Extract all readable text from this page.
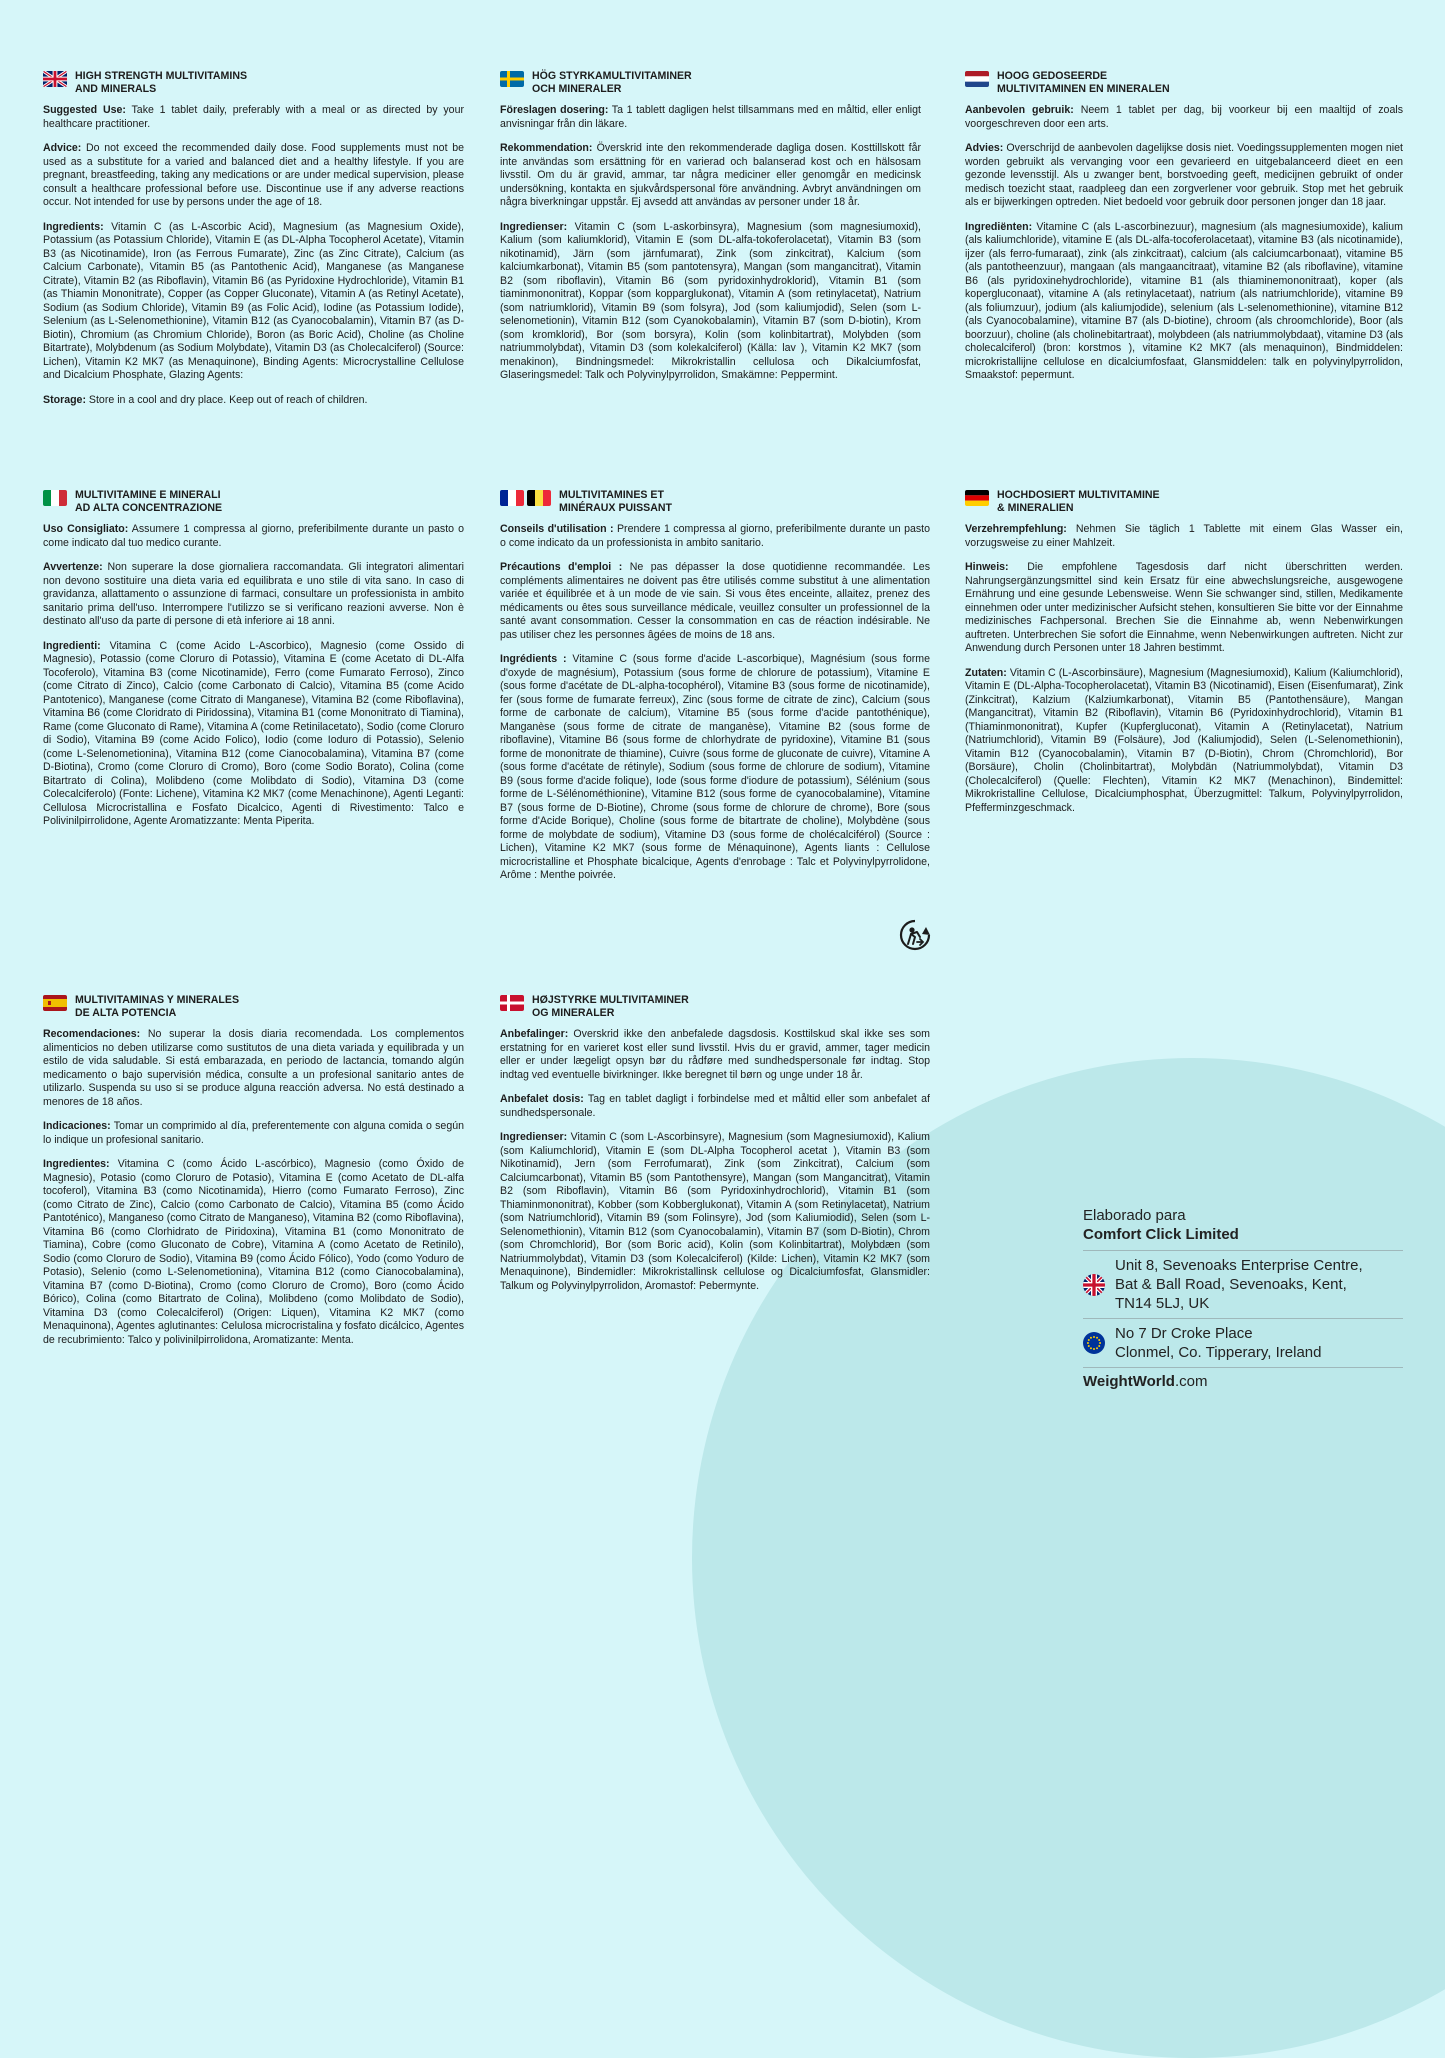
HIGH STRENGTH MULTIVITAMINS
AND MINERALS

Suggested Use: Take 1 tablet daily, preferably with a meal or as directed by your healthcare practitioner.

Advice: Do not exceed the recommended daily dose. Food supplements must not be used as a substitute for a varied and balanced diet and a healthy lifestyle. If you are pregnant, breastfeeding, taking any medications or are under medical supervision, please consult a healthcare professional before use. Discontinue use if any adverse reactions occur. Not intended for use by persons under the age of 18.

Ingredients: Vitamin C (as L-Ascorbic Acid), Magnesium (as Magnesium Oxide), Potassium (as Potassium Chloride), Vitamin E (as DL-Alpha Tocopherol Acetate), Vitamin B3 (as Nicotinamide), Iron (as Ferrous Fumarate), Zinc (as Zinc Citrate), Calcium (as Calcium Carbonate), Vitamin B5 (as Pantothenic Acid), Manganese (as Manganese Citrate), Vitamin B2 (as Riboflavin), Vitamin B6 (as Pyridoxine Hydrochloride), Vitamin B1 (as Thiamin Mononitrate), Copper (as Copper Gluconate), Vitamin A (as Retinyl Acetate), Sodium (as Sodium Chloride), Vitamin B9 (as Folic Acid), Iodine (as Potassium Iodide), Selenium (as L-Selenomethionine), Vitamin B12 (as Cyanocobalamin), Vitamin B7 (as D-Biotin), Chromium (as Chromium Chloride), Boron (as Boric Acid), Choline (as Choline Bitartrate), Molybdenum (as Sodium Molybdate), Vitamin D3 (as Cholecalciferol) (Source: Lichen), Vitamin K2 MK7 (as Menaquinone), Binding Agents: Microcrystalline Cellulose and Dicalcium Phosphate, Glazing Agents:

Storage: Store in a cool and dry place. Keep out of reach of children.

HÖG STYRKAMULTIVITAMINER
OCH MINERALER

Föreslagen dosering: Ta 1 tablett dagligen helst tillsammans med en måltid, eller enligt anvisningar från din läkare.

Rekommendation: Överskrid inte den rekommenderade dagliga dosen. Kosttillskott får inte användas som ersättning för en varierad och balanserad kost och en hälsosam livsstil. Om du är gravid, ammar, tar några mediciner eller genomgår en medicinsk undersökning, kontakta en sjukvårdspersonal före användning. Avbryt användningen om några biverkningar uppstår. Ej avsedd att användas av personer under 18 år.

Ingredienser: Vitamin C (som L-askorbinsyra), Magnesium (som magnesiumoxid), Kalium (som kaliumklorid), Vitamin E (som DL-alfa-tokoferolacetat), Vitamin B3 (som nikotinamid), Järn (som järnfumarat), Zink (som zinkcitrat), Kalcium (som kalciumkarbonat), Vitamin B5 (som pantotensyra), Mangan (som mangancitrat), Vitamin B2 (som riboflavin), Vitamin B6 (som pyridoxinhydroklorid), Vitamin B1 (som tiaminmononitrat), Koppar (som kopparglukonat), Vitamin A (som retinylacetat), Natrium (som natriumklorid), Vitamin B9 (som folsyra), Jod (som kaliumjodid), Selen (som L-selenometionin), Vitamin B12 (som Cyanokobalamin), Vitamin B7 (som D-biotin), Krom (som kromklorid), Bor (som borsyra), Kolin (som kolinbitartrat), Molybden (som natriummolybdat), Vitamin D3 (som kolekalciferol) (Källa: lav ), Vitamin K2 MK7 (som menakinon), Bindningsmedel: Mikrokristallin cellulosa och Dikalciumfosfat, Glaseringsmedel: Talk och Polyvinylpyrrolidon, Smakämne: Peppermint.

HOOG GEDOSEERDE
MULTIVITAMINEN EN MINERALEN

Aanbevolen gebruik: Neem 1 tablet per dag, bij voorkeur bij een maaltijd of zoals voorgeschreven door een arts.

Advies: Overschrijd de aanbevolen dagelijkse dosis niet. Voedingssupplementen mogen niet worden gebruikt als vervanging voor een gevarieerd en uitgebalanceerd dieet en een gezonde levensstijl. Als u zwanger bent, borstvoeding geeft, medicijnen gebruikt of onder medisch toezicht staat, raadpleeg dan een zorgverlener voor gebruik. Stop met het gebruik als er bijwerkingen optreden. Niet bedoeld voor gebruik door personen jonger dan 18 jaar.

Ingrediënten: Vitamine C (als L-ascorbinezuur), magnesium (als magnesiumoxide), kalium (als kaliumchloride), vitamine E (als DL-alfa-tocoferolacetaat), vitamine B3 (als nicotinamide), ijzer (als ferro-fumaraat), zink (als zinkcitraat), calcium (als calciumcarbonaat), vitamine B5 (als pantotheenzuur), mangaan (als mangaancitraat), vitamine B2 (als riboflavine), vitamine B6 (als pyridoxinehydrochloride), vitamine B1 (als thiaminemononitraat), koper (als kopergluconaat), vitamine A (als retinylacetaat), natrium (als natriumchloride), vitamine B9 (als foliumzuur), jodium (als kaliumjodide), selenium (als L-selenomethionine), vitamine B12 (als Cyanocobalamine), vitamine B7 (als D-biotine), chroom (als chroomchloride), Boor (als boorzuur), choline (als cholinebitartraat), molybdeen (als natriummolybdaat), vitamine D3 (als cholecalciferol) (bron: korstmos ), vitamine K2 MK7 (als menaquinon), Bindmiddelen: microkristallijne cellulose en dicalciumfosfaat, Glansmiddelen: talk en polyvinylpyrrolidon, Smaakstof: pepermunt.

MULTIVITAMINE E MINERALI
AD ALTA CONCENTRAZIONE

Uso Consigliato: Assumere 1 compressa al giorno, preferibilmente durante un pasto o come indicato dal tuo medico curante.

Avvertenze: Non superare la dose giornaliera raccomandata. Gli integratori alimentari non devono sostituire una dieta varia ed equilibrata e uno stile di vita sano. In caso di gravidanza, allattamento o assunzione di farmaci, consultare un professionista in ambito sanitario prima dell'uso. Interrompere l'utilizzo se si verificano reazioni avverse. Non è destinato all'uso da parte di persone di età inferiore ai 18 anni.

Ingredienti: Vitamina C (come Acido L-Ascorbico), Magnesio (come Ossido di Magnesio), Potassio (come Cloruro di Potassio), Vitamina E (come Acetato di DL-Alfa Tocoferolo), Vitamina B3 (come Nicotinamide), Ferro (come Fumarato Ferroso), Zinco (come Citrato di Zinco), Calcio (come Carbonato di Calcio), Vitamina B5 (come Acido Pantotenico), Manganese (come Citrato di Manganese), Vitamina B2 (come Riboflavina), Vitamina B6 (come Cloridrato di Piridossina), Vitamina B1 (come Mononitrato di Tiamina), Rame (come Gluconato di Rame), Vitamina A (come Retinilacetato), Sodio (come Cloruro di Sodio), Vitamina B9 (come Acido Folico), Iodio (come Ioduro di Potassio), Selenio (come L-Selenometionina), Vitamina B12 (come Cianocobalamina), Vitamina B7 (come D-Biotina), Cromo (come Cloruro di Cromo), Boro (come Sodio Borato), Colina (come Bitartrato di Colina), Molibdeno (come Molibdato di Sodio), Vitamina D3 (come Colecalciferolo) (Fonte: Lichene), Vitamina K2 MK7 (come Menachinone), Agenti Leganti: Cellulosa Microcristallina e Fosfato Dicalcico, Agenti di Rivestimento: Talco e Polivinilpirrolidone, Agente Aromatizzante: Menta Piperita.

MULTIVITAMINES ET
MINÉRAUX PUISSANT

Conseils d'utilisation : Prendere 1 compressa al giorno, preferibilmente durante un pasto o come indicato da un professionista in ambito sanitario.

Précautions d'emploi : Ne pas dépasser la dose quotidienne recommandée. Les compléments alimentaires ne doivent pas être utilisés comme substitut à une alimentation variée et équilibrée et à un mode de vie sain. Si vous êtes enceinte, allaitez, prenez des médicaments ou êtes sous surveillance médicale, veuillez consulter un professionnel de la santé avant consommation. Cesser la consommation en cas de réaction indésirable. Ne pas utiliser chez les personnes âgées de moins de 18 ans.

Ingrédients : Vitamine C (sous forme d'acide L-ascorbique), Magnésium (sous forme d'oxyde de magnésium), Potassium (sous forme de chlorure de potassium), Vitamine E (sous forme d'acétate de DL-alpha-tocophérol), Vitamine B3 (sous forme de nicotinamide), fer (sous forme de fumarate ferreux), Zinc (sous forme de citrate de zinc), Calcium (sous forme de carbonate de calcium), Vitamine B5 (sous forme d'acide pantothénique), Manganèse (sous forme de citrate de manganèse), Vitamine B2 (sous forme de riboflavine), Vitamine B6 (sous forme de chlorhydrate de pyridoxine), Vitamine B1 (sous forme de mononitrate de thiamine), Cuivre (sous forme de gluconate de cuivre), Vitamine A (sous forme d'acétate de rétinyle), Sodium (sous forme de chlorure de sodium), Vitamine B9 (sous forme d'acide folique), Iode (sous forme d'iodure de potassium), Sélénium (sous forme de L-Sélénométhionine), Vitamine B12 (sous forme de cyanocobalamine), Vitamine B7 (sous forme de D-Biotine), Chrome (sous forme de chlorure de chrome), Bore (sous forme d'Acide Borique), Choline (sous forme de bitartrate de choline), Molybdène (sous forme de molybdate de sodium), Vitamine D3 (sous forme de cholécalciférol) (Source : Lichen), Vitamine K2 MK7 (sous forme de Ménaquinone), Agents liants : Cellulose microcristalline et Phosphate bicalcique, Agents d'enrobage : Talc et Polyvinylpyrrolidone, Arôme : Menthe poivrée.

HOCHDOSIERT MULTIVITAMINE
& MINERALIEN

Verzehrempfehlung: Nehmen Sie täglich 1 Tablette mit einem Glas Wasser ein, vorzugsweise zu einer Mahlzeit.

Hinweis: Die empfohlene Tagesdosis darf nicht überschritten werden. Nahrungsergänzungsmittel sind kein Ersatz für eine abwechslungsreiche, ausgewogene Ernährung und eine gesunde Lebensweise. Wenn Sie schwanger sind, stillen, Medikamente einnehmen oder unter medizinischer Aufsicht stehen, konsultieren Sie bitte vor der Einnahme medizinisches Fachpersonal. Brechen Sie die Einnahme ab, wenn Nebenwirkungen auftreten. Unterbrechen Sie sofort die Einnahme, wenn Nebenwirkungen auftreten. Nicht zur Anwendung durch Personen unter 18 Jahren bestimmt.

Zutaten: Vitamin C (L-Ascorbinsäure), Magnesium (Magnesiumoxid), Kalium (Kaliumchlorid), Vitamin E (DL-Alpha-Tocopherolacetat), Vitamin B3 (Nicotinamid), Eisen (Eisenfumarat), Zink (Zinkcitrat), Kalzium (Kalziumkarbonat), Vitamin B5 (Pantothensäure), Mangan (Mangancitrat), Vitamin B2 (Riboflavin), Vitamin B6 (Pyridoxinhydrochlorid), Vitamin B1 (Thiaminmononitrat), Kupfer (Kupfergluconat), Vitamin A (Retinylacetat), Natrium (Natriumchlorid), Vitamin B9 (Folsäure), Jod (Kaliumjodid), Selen (L-Selenomethionin), Vitamin B12 (Cyanocobalamin), Vitamin B7 (D-Biotin), Chrom (Chromchlorid), Bor (Borsäure), Cholin (Cholinbitartrat), Molybdän (Natriummolybdat), Vitamin D3 (Cholecalciferol) (Quelle: Flechten), Vitamin K2 MK7 (Menachinon), Bindemittel: Mikrokristalline Cellulose, Dicalciumphosphat, Überzugmittel: Talkum, Polyvinylpyrrolidon, Pfefferminzgeschmack.

MULTIVITAMINAS Y MINERALES
DE ALTA POTENCIA

Recomendaciones: No superar la dosis diaria recomendada. Los complementos alimenticios no deben utilizarse como sustitutos de una dieta variada y equilibrada y un estilo de vida saludable. Si está embarazada, en periodo de lactancia, tomando algún medicamento o bajo supervisión médica, consulte a un profesional sanitario antes de utilizarlo. Suspenda su uso si se produce alguna reacción adversa. No está destinado a menores de 18 años.

Indicaciones: Tomar un comprimido al día, preferentemente con alguna comida o según lo indique un profesional sanitario.

Ingredientes: Vitamina C (como Ácido L-ascórbico), Magnesio (como Óxido de Magnesio), Potasio (como Cloruro de Potasio), Vitamina E (como Acetato de DL-alfa tocoferol), Vitamina B3 (como Nicotinamida), Hierro (como Fumarato Ferroso), Zinc (como Citrato de Zinc), Calcio (como Carbonato de Calcio), Vitamina B5 (como Ácido Pantoténico), Manganeso (como Citrato de Manganeso), Vitamina B2 (como Riboflavina), Vitamina B6 (como Clorhidrato de Piridoxina), Vitamina B1 (como Mononitrato de Tiamina), Cobre (como Gluconato de Cobre), Vitamina A (como Acetato de Retinilo), Sodio (como Cloruro de Sodio), Vitamina B9 (como Ácido Fólico), Yodo (como Yoduro de Potasio), Selenio (como L-Selenometionina), Vitamina B12 (como Cianocobalamina), Vitamina B7 (como D-Biotina), Cromo (como Cloruro de Cromo), Boro (como Ácido Bórico), Colina (como Bitartrato de Colina), Molibdeno (como Molibdato de Sodio), Vitamina D3 (como Colecalciferol) (Origen: Liquen), Vitamina K2 MK7 (como Menaquinona), Agentes aglutinantes: Celulosa microcristalina y fosfato dicálcico, Agentes de recubrimiento: Talco y polivinilpirrolidona, Aromatizante: Menta.

HØJSTYRKE MULTIVITAMINER
OG MINERALER

Anbefalinger: Overskrid ikke den anbefalede dagsdosis. Kosttilskud skal ikke ses som erstatning for en varieret kost eller sund livsstil. Hvis du er gravid, ammer, tager medicin eller er under lægeligt opsyn bør du rådføre med sundhedspersonale før indtag. Stop indtag ved eventuelle bivirkninger. Ikke beregnet til børn og unge under 18 år.

Anbefalet dosis: Tag en tablet dagligt i forbindelse med et måltid eller som anbefalet af sundhedspersonale.

Ingredienser: Vitamin C (som L-Ascorbinsyre), Magnesium (som Magnesiumoxid), Kalium (som Kaliumchlorid), Vitamin E (som DL-Alpha Tocopherol acetat ), Vitamin B3 (som Nikotinamid), Jern (som Ferrofumarat), Zink (som Zinkcitrat), Calcium (som Calciumcarbonat), Vitamin B5 (som Pantothensyre), Mangan (som Mangancitrat), Vitamin B2 (som Riboflavin), Vitamin B6 (som Pyridoxinhydrochlorid), Vitamin B1 (som Thiaminmononitrat), Kobber (som Kobberglukonat), Vitamin A (som Retinylacetat), Natrium (som Natriumchlorid), Vitamin B9 (som Folinsyre), Jod (som Kaliumiodid), Selen (som L-Selenomethionin), Vitamin B12 (som Cyanocobalamin), Vitamin B7 (som D-Biotin), Chrom (som Chromchlorid), Bor (som Boric acid), Kolin (som Kolinbitartrat), Molybdæn (som Natriummolybdat), Vitamin D3 (som Kolecalciferol) (Kilde: Lichen), Vitamin K2 MK7 (som Menaquinone), Bindemidler: Mikrokristallinsk cellulose og Dicalciumfosfat, Glansmidler: Talkum og Polyvinylpyrrolidon, Aromastof: Pebermynte.

Elaborado para
Comfort Click Limited
Unit 8, Sevenoaks Enterprise Centre,
Bat & Ball Road, Sevenoaks, Kent,
TN14 5LJ, UK
No 7 Dr Croke Place
Clonmel, Co. Tipperary, Ireland
WeightWorld.com
